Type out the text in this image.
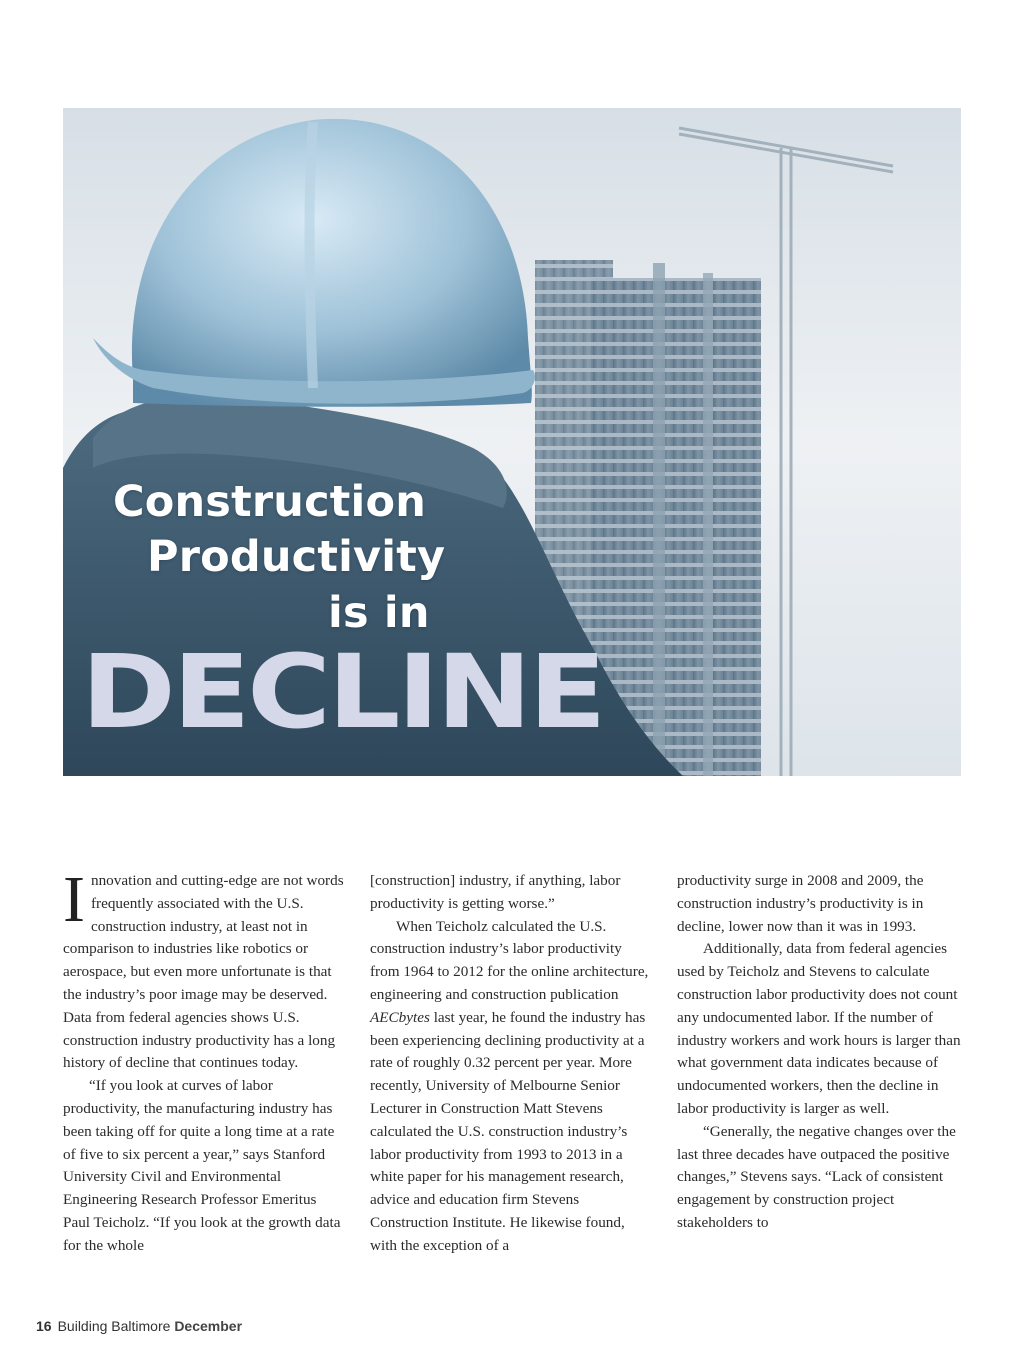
Construction
Productivity
is in
DECLINE

Innovation and cutting-edge are not words frequently associated with the U.S. construction industry, at least not in comparison to industries like robotics or aerospace, but even more unfortunate is that the industry’s poor image may be deserved. Data from federal agencies shows U.S. construction industry productivity has a long history of decline that continues today.

“If you look at curves of labor productivity, the manufacturing industry has been taking off for quite a long time at a rate of five to six percent a year,” says Stanford University Civil and Environmental Engineering Research Professor Emeritus Paul Teicholz. “If you look at the growth data for the whole

[construction] industry, if anything, labor productivity is getting worse.”

When Teicholz calculated the U.S. construction industry’s labor productivity from 1964 to 2012 for the online architecture, engineering and construction publication AECbytes last year, he found the industry has been experiencing declining productivity at a rate of roughly 0.32 percent per year. More recently, University of Melbourne Senior Lecturer in Construction Matt Stevens calculated the U.S. construction industry’s labor productivity from 1993 to 2013 in a white paper for his management research, advice and education firm Stevens Construction Institute. He likewise found, with the exception of a

productivity surge in 2008 and 2009, the construction industry’s productivity is in decline, lower now than it was in 1993.

Additionally, data from federal agencies used by Teicholz and Stevens to calculate construction labor productivity does not count any undocumented labor. If the number of industry workers and work hours is larger than what government data indicates because of undocumented workers, then the decline in labor productivity is larger as well.

“Generally, the negative changes over the last three decades have outpaced the positive changes,” Stevens says. “Lack of consistent engagement by construction project stakeholders to

16 Building Baltimore December
